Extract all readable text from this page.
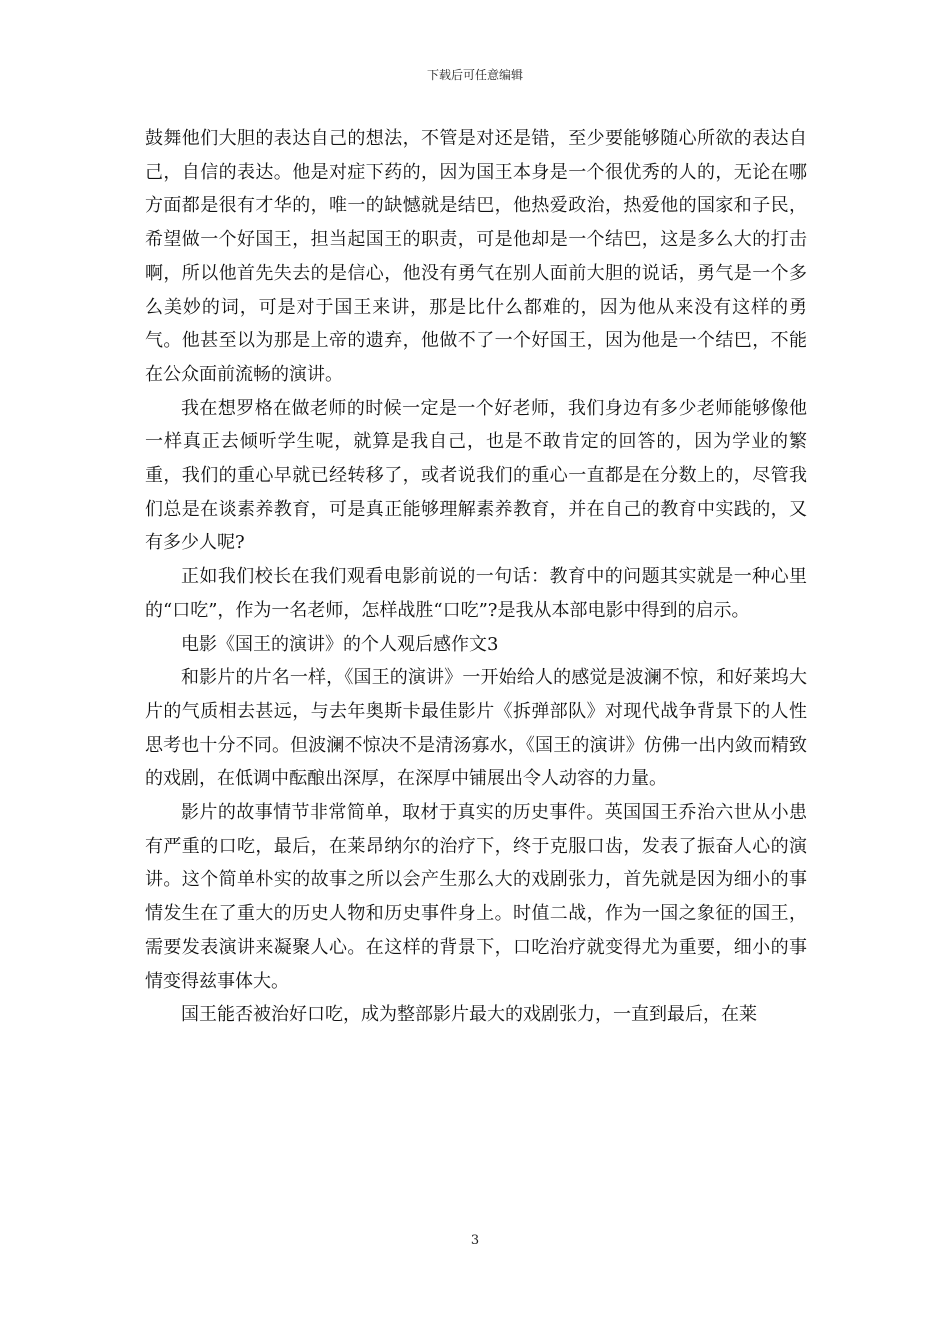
下载后可任意编辑

鼓舞他们大胆的表达自己的想法，不管是对还是错，至少要能够随心所欲的表达自己，自信的表达。他是对症下药的，因为国王本身是一个很优秀的人的，无论在哪方面都是很有才华的，唯一的缺憾就是结巴，他热爱政治，热爱他的国家和子民，希望做一个好国王，担当起国王的职责，可是他却是一个结巴，这是多么大的打击啊，所以他首先失去的是信心，他没有勇气在别人面前大胆的说话，勇气是一个多么美妙的词，可是对于国王来讲，那是比什么都难的，因为他从来没有这样的勇气。他甚至以为那是上帝的遗弃，他做不了一个好国王，因为他是一个结巴，不能在公众面前流畅的演讲。

我在想罗格在做老师的时候一定是一个好老师，我们身边有多少老师能够像他一样真正去倾听学生呢，就算是我自己，也是不敢肯定的回答的，因为学业的繁重，我们的重心早就已经转移了，或者说我们的重心一直都是在分数上的，尽管我们总是在谈素养教育，可是真正能够理解素养教育，并在自己的教育中实践的，又有多少人呢?

正如我们校长在我们观看电影前说的一句话：教育中的问题其实就是一种心里的“口吃”，作为一名老师，怎样战胜“口吃”?是我从本部电影中得到的启示。

电影《国王的演讲》的个人观后感作文3

和影片的片名一样，《国王的演讲》一开始给人的感觉是波澜不惊，和好莱坞大片的气质相去甚远，与去年奥斯卡最佳影片《拆弹部队》对现代战争背景下的人性思考也十分不同。但波澜不惊决不是清汤寡水，《国王的演讲》仿佛一出内敛而精致的戏剧，在低调中酝酿出深厚，在深厚中铺展出令人动容的力量。

影片的故事情节非常简单，取材于真实的历史事件。英国国王乔治六世从小患有严重的口吃，最后，在莱昂纳尔的治疗下，终于克服口齿，发表了振奋人心的演讲。这个简单朴实的故事之所以会产生那么大的戏剧张力，首先就是因为细小的事情发生在了重大的历史人物和历史事件身上。时值二战，作为一国之象征的国王，需要发表演讲来凝聚人心。在这样的背景下，口吃治疗就变得尤为重要，细小的事情变得兹事体大。

国王能否被治好口吃，成为整部影片最大的戏剧张力，一直到最后，在莱

3
